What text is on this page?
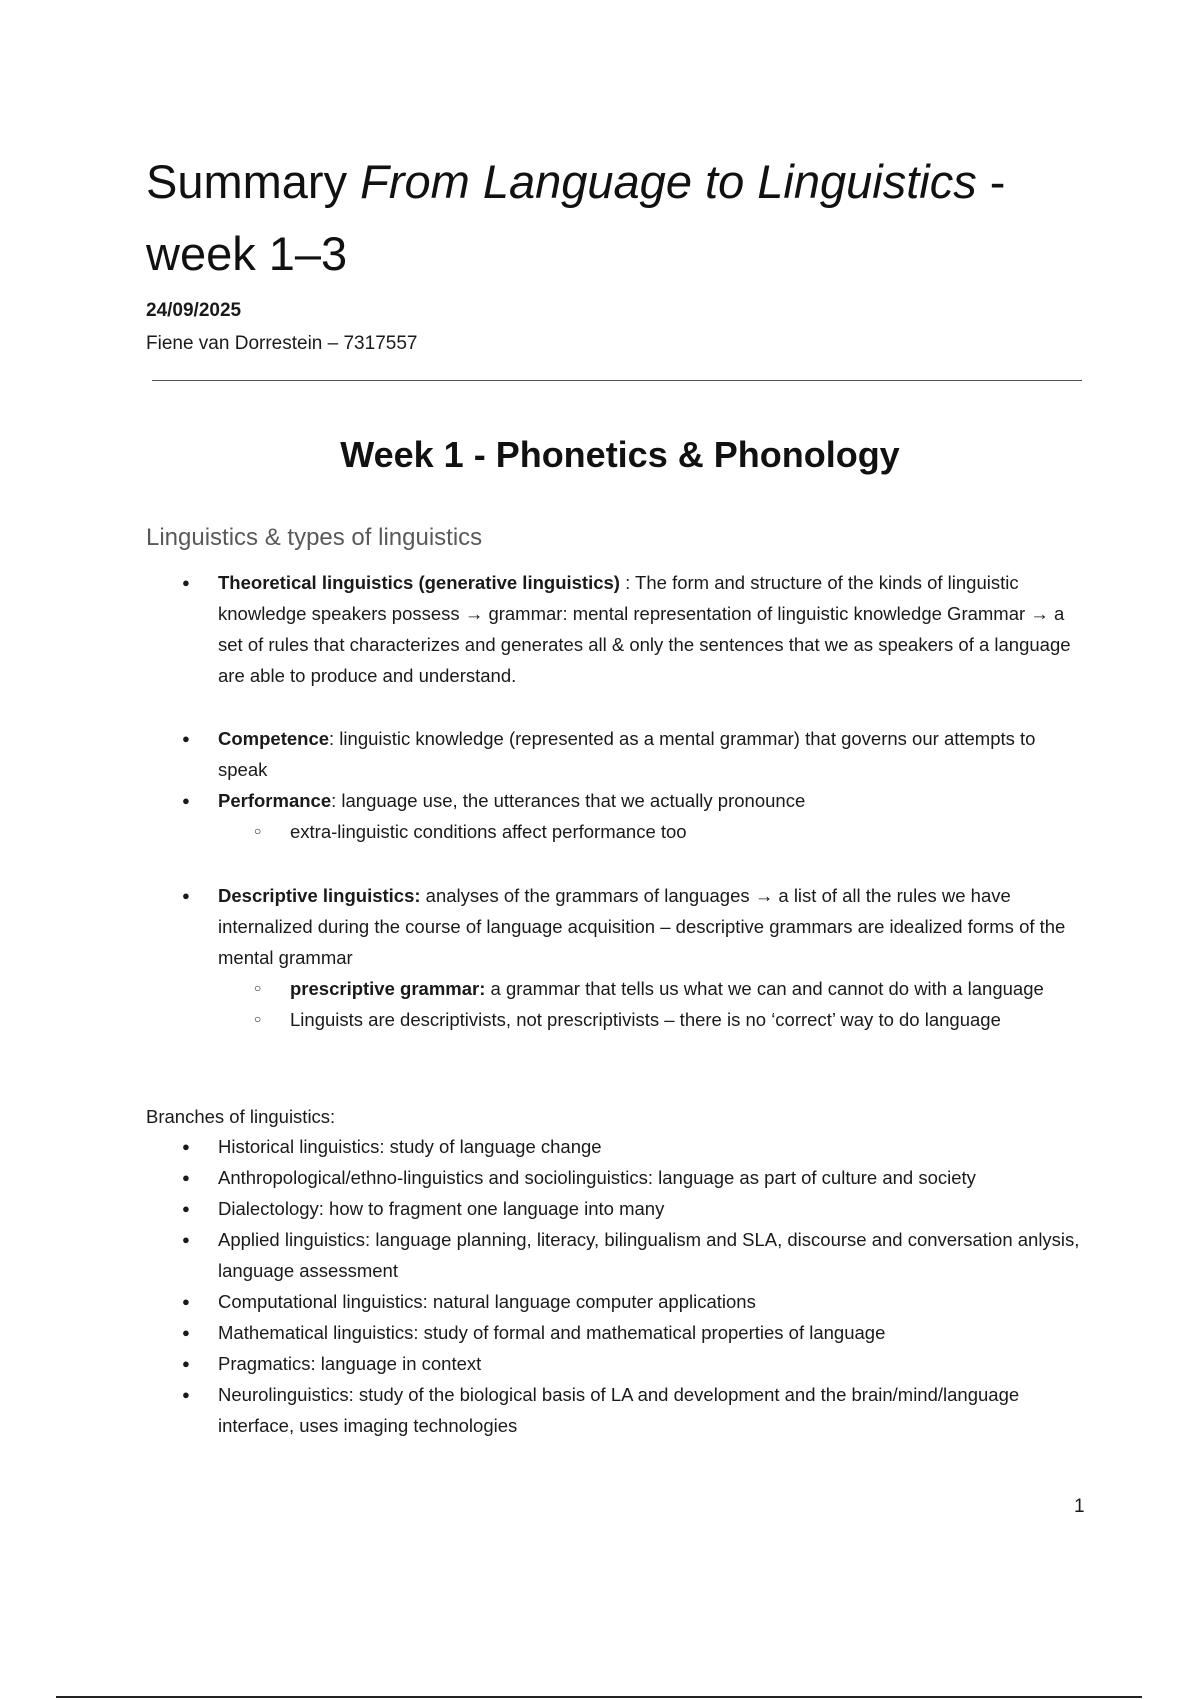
Summary From Language to Linguistics - week 1–3

24/09/2025

Fiene van Dorrestein – 7317557

Week 1 - Phonetics & Phonology
Linguistics & types of linguistics
● Theoretical linguistics (generative linguistics) : The form and structure of the kinds of linguistic knowledge speakers possess → grammar: mental representation of linguistic knowledge Grammar → a set of rules that characterizes and generates all & only the sentences that we as speakers of a language are able to produce and understand.
● Competence: linguistic knowledge (represented as a mental grammar) that governs our attempts to speak
● Performance: language use, the utterances that we actually pronounce
○ extra-linguistic conditions affect performance too
● Descriptive linguistics: analyses of the grammars of languages → a list of all the rules we have internalized during the course of language acquisition – descriptive grammars are idealized forms of the mental grammar
○ prescriptive grammar: a grammar that tells us what we can and cannot do with a language
○ Linguists are descriptivists, not prescriptivists – there is no ‘correct’ way to do language

Branches of linguistics:

● Historical linguistics: study of language change
● Anthropological/ethno-linguistics and sociolinguistics: language as part of culture and society
● Dialectology: how to fragment one language into many
● Applied linguistics: language planning, literacy, bilingualism and SLA, discourse and conversation anlysis, language assessment
● Computational linguistics: natural language computer applications
● Mathematical linguistics: study of formal and mathematical properties of language
● Pragmatics: language in context
● Neurolinguistics: study of the biological basis of LA and development and the brain/mind/language interface, uses imaging technologies

1
